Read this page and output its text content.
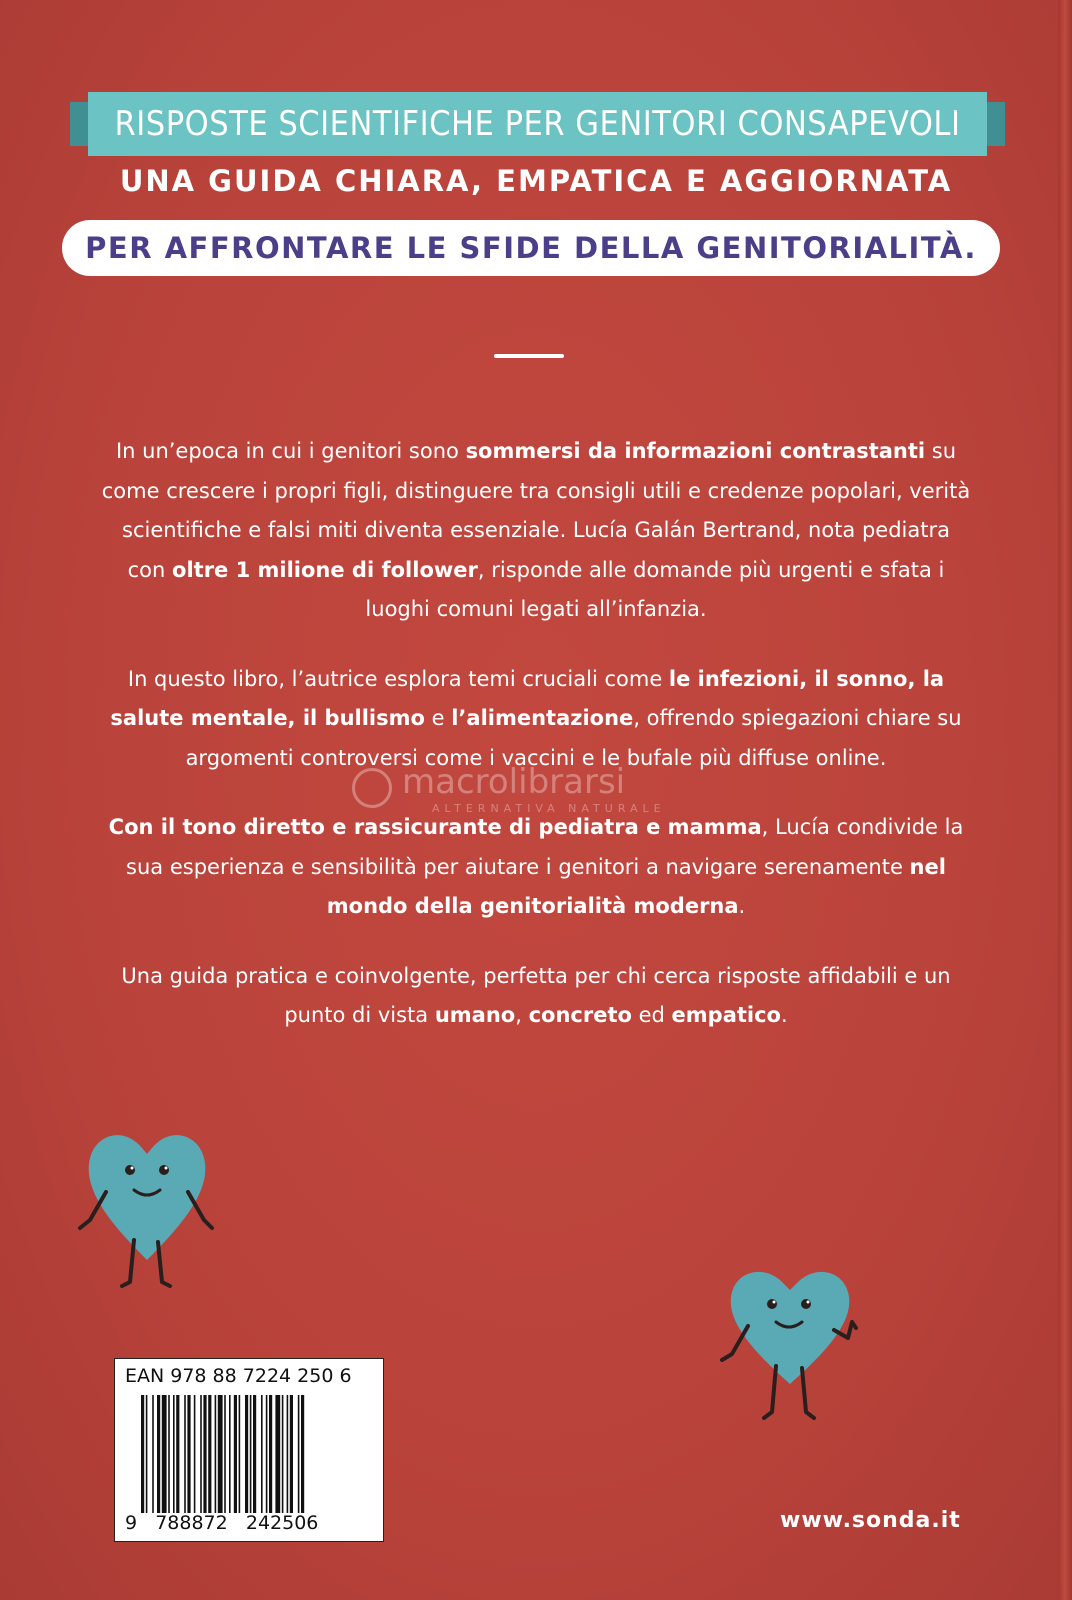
RISPOSTE SCIENTIFICHE PER GENITORI CONSAPEVOLI
UNA GUIDA CHIARA, EMPATICA E AGGIORNATA
PER AFFRONTARE LE SFIDE DELLA GENITORIALITÀ.

In un’epoca in cui i genitori sono sommersi da informazioni contrastanti su come crescere i propri figli, distinguere tra consigli utili e credenze popolari, verità scientifiche e falsi miti diventa essenziale. Lucía Galán Bertrand, nota pediatra con oltre 1 milione di follower, risponde alle domande più urgenti e sfata i luoghi comuni legati all’infanzia.

In questo libro, l’autrice esplora temi cruciali come le infezioni, il sonno, la salute mentale, il bullismo e l’alimentazione, offrendo spiegazioni chiare su argomenti controversi come i vaccini e le bufale più diffuse online.

Con il tono diretto e rassicurante di pediatra e mamma, Lucía condivide la sua esperienza e sensibilità per aiutare i genitori a navigare serenamente nel mondo della genitorialità moderna.

Una guida pratica e coinvolgente, perfetta per chi cerca risposte affidabili e un punto di vista umano, concreto ed empatico.

macrolibrarsi
ALTERNATIVA NATURALE
EAN 978 88 7224 250 6
9   788872   242506	www.sonda.it
